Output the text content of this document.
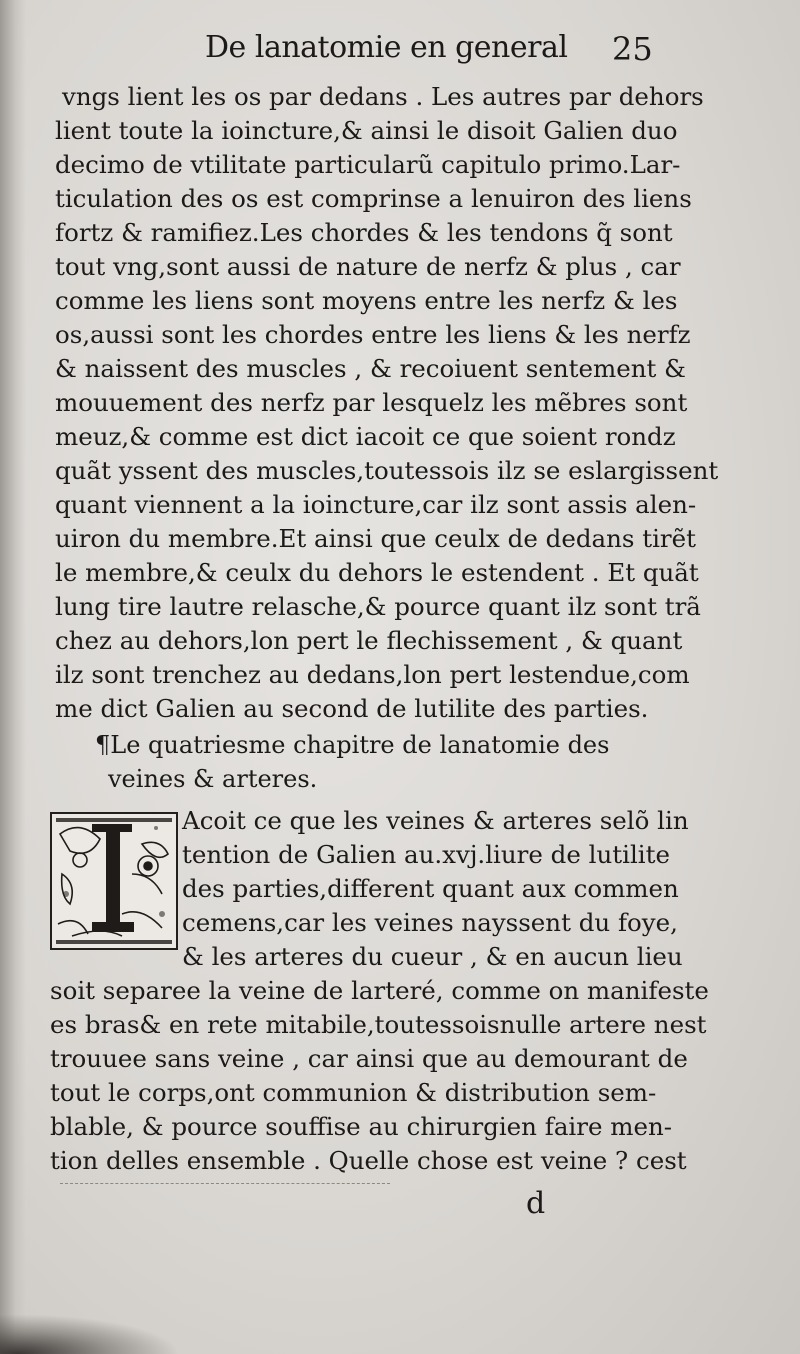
De lanatomie en general 25
vngs lient les os par dedans . Les autres par dehors
lient toute la ioincture,& ainsi le disoit Galien duo
decimo de vtilitate particularũ capitulo primo.Lar-
ticulation des os est comprinse a lenuiron des liens
fortz & ramifiez.Les chordes & les tendons q̃ sont
tout vng,sont aussi de nature de nerfz & plus , car
comme les liens sont moyens entre les nerfz & les
os,aussi sont les chordes entre les liens & les nerfz
& naissent des muscles , & recoiuent sentement &
mouuement des nerfz par lesquelz les mẽbres sont
meuz,& comme est dict iacoit ce que soient rondz
quãt yssent des muscles,toutessois ilz se eslargissent
quant viennent a la ioincture,car ilz sont assis alen-
uiron du membre.Et ainsi que ceulx de dedans tirẽt
le membre,& ceulx du dehors le estendent . Et quãt
lung tire lautre relasche,& pource quant ilz sont trã
chez au dehors,lon pert le flechissement , & quant
ilz sont trenchez au dedans,lon pert lestendue,com
me dict Galien au second de lutilite des parties.
¶Le quatriesme chapitre de lanatomie des
veines & arteres.
Acoit ce que les veines & arteres selõ lin
tention de Galien au.xvj.liure de lutilite
des parties,different quant aux commen
cemens,car les veines nayssent du foye,
& les arteres du cueur , & en aucun lieu
soit separee la veine de larteré, comme on manifeste
es bras& en rete mitabile,toutessoisnulle artere nest
trouuee sans veine , car ainsi que au demourant de
tout le corps,ont communion & distribution sem-
blable, & pource souffise au chirurgien faire men-
tion delles ensemble . Quelle chose est veine ? cest
d
